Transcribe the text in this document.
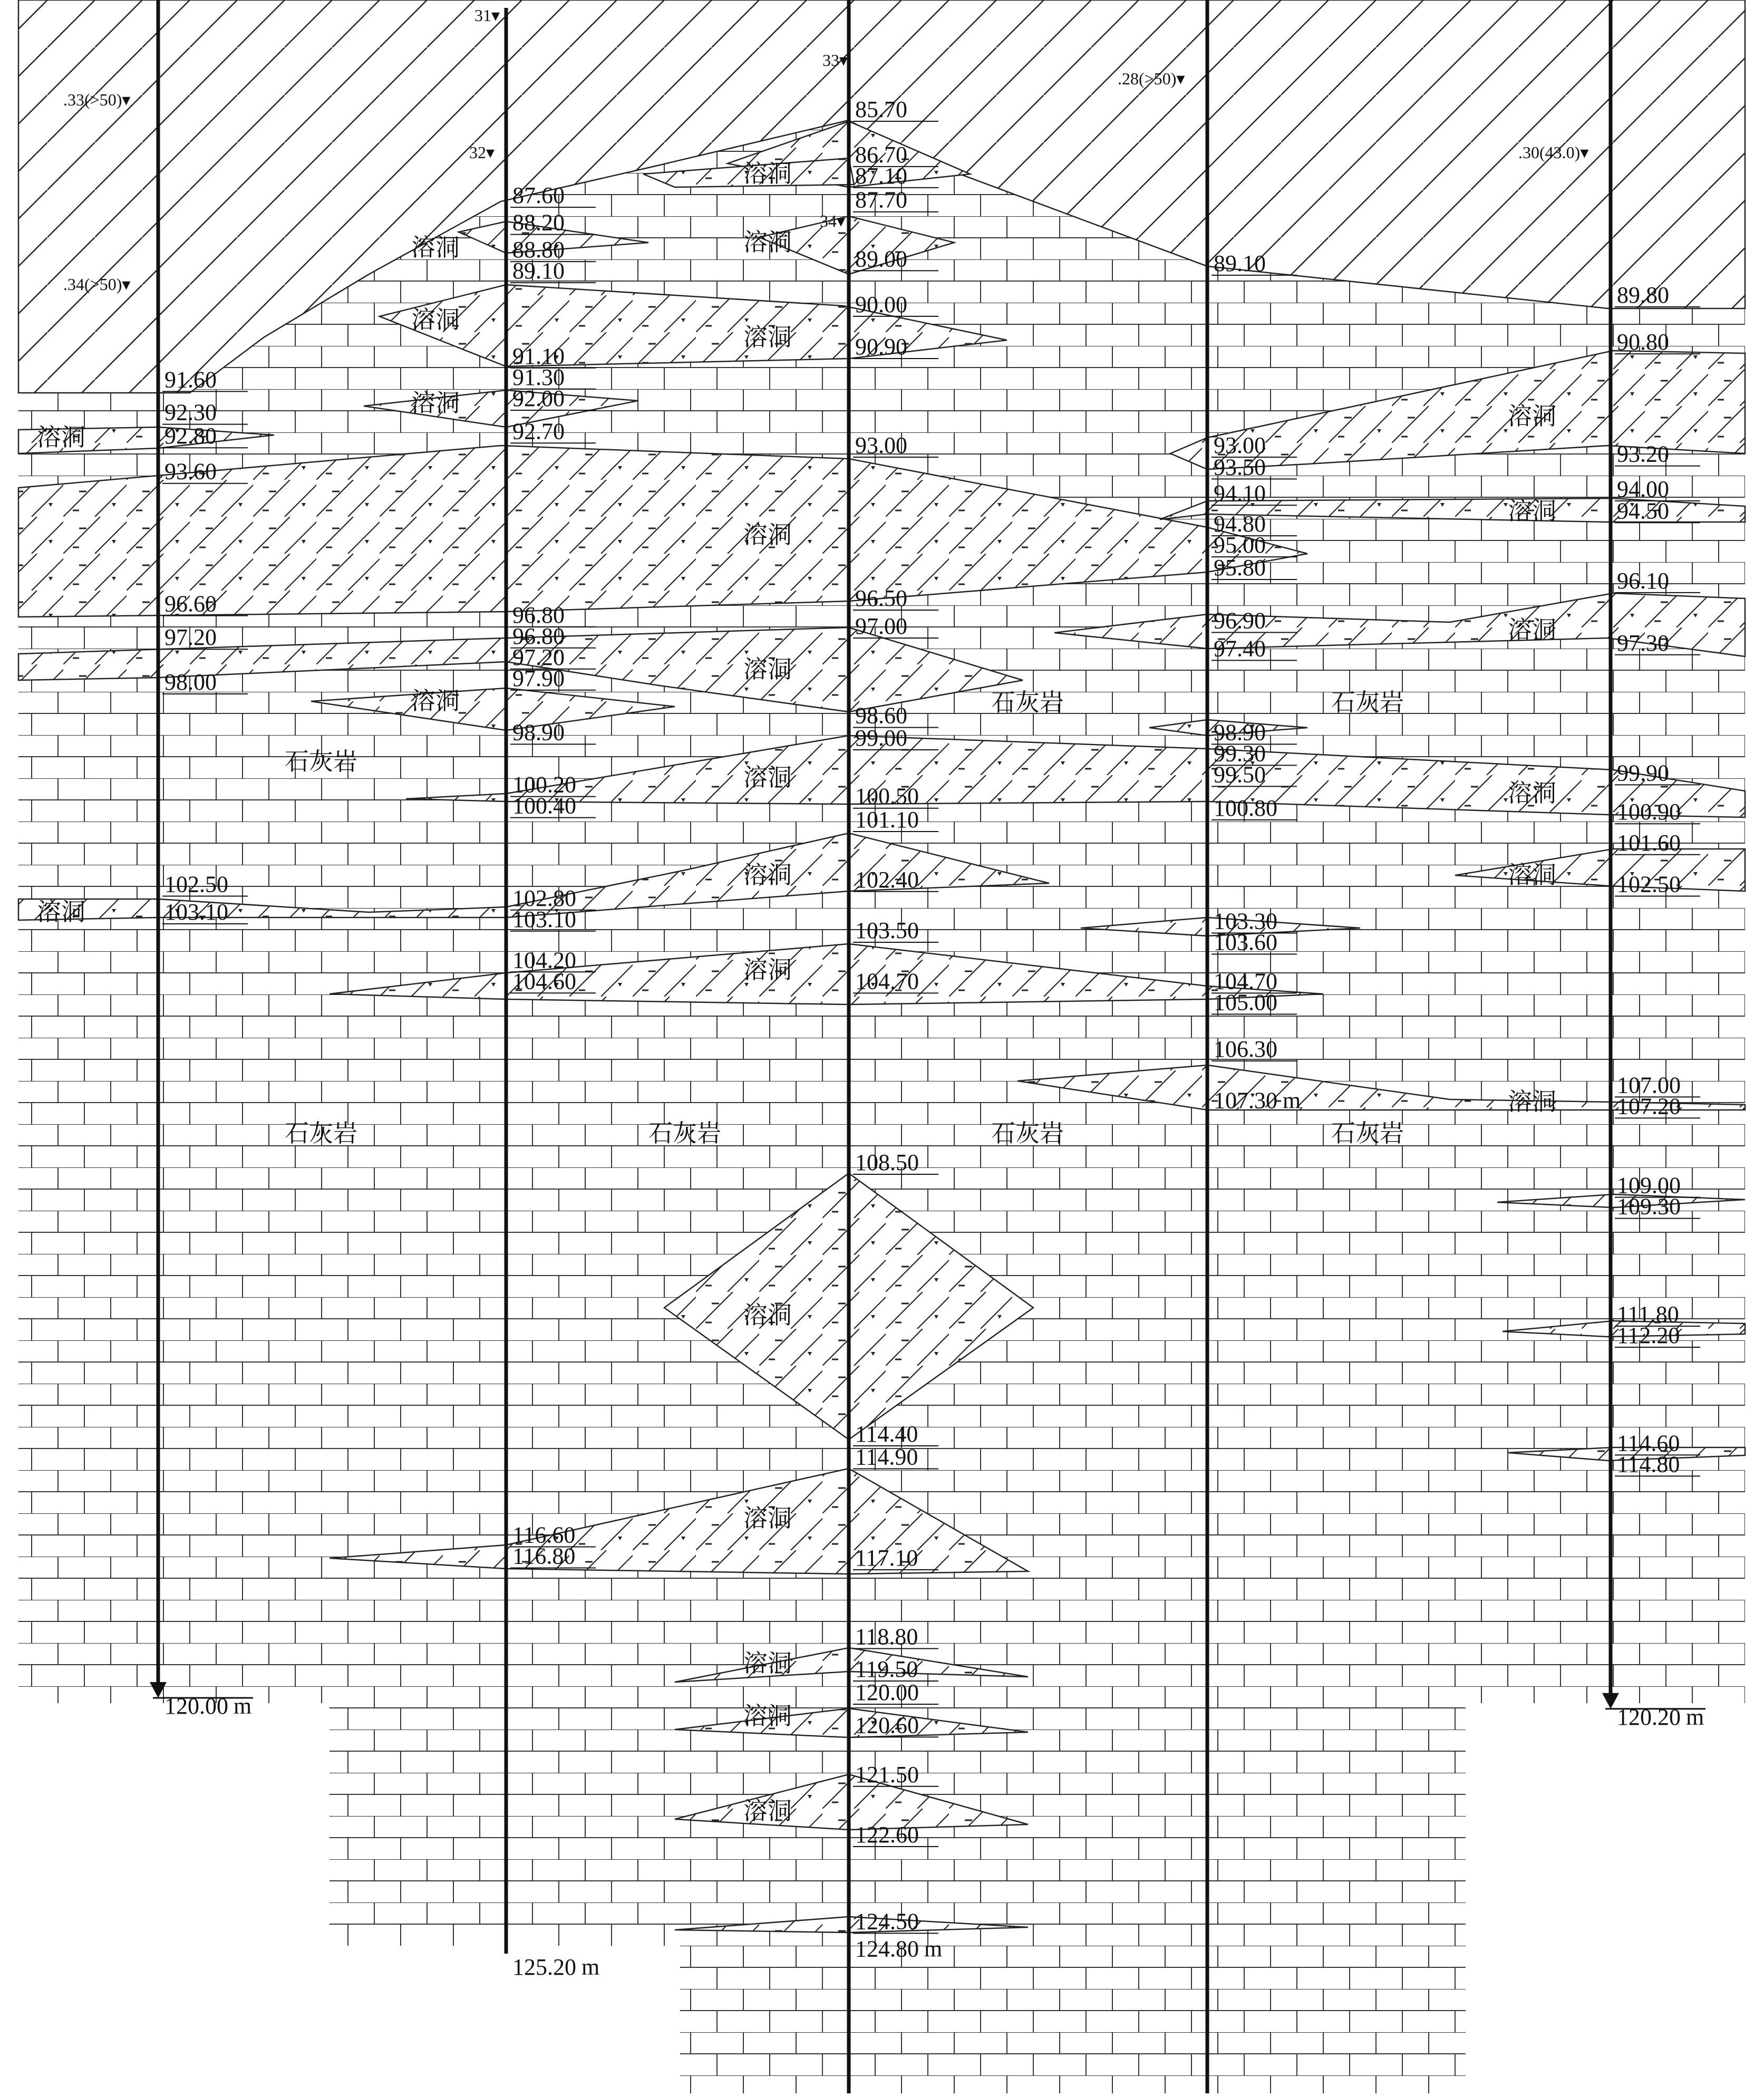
石灰岩
石灰岩
石灰岩
石灰岩	石灰岩	石灰岩	石灰岩
溶洞
溶洞
溶洞
溶洞
溶洞
溶洞
溶洞
溶洞
溶洞
溶洞
溶洞
溶洞
溶洞
溶洞
溶洞
溶洞	溶洞
溶洞
溶洞
溶洞
溶洞
溶洞
溶洞
溶洞
溶洞
91.60
92.30
92.80
93.60
96.60
97.20
98.00
102.50
103.10
.33(>50)▾
.34(>50)▾
120.00 m
87.60
88.20
88.80
89.10
91.10
91.30
92.00
92.70
96.80
96.80
97.20
97.90
98.90
100.20
100.40
102.80
103.10
104.20
104.60
116.60
116.80
31▾
32▾
125.20 m
85.70
86.70
87.10
87.70
89.00
90.00
90.90
93.00
96.50
97.00
98.60
99.00
100.50
101.10
102.40
103.50
104.70
108.50
114.40
114.90
117.10
118.80
119.50
120.00
120.60
121.50
122.60
124.50
33▾
34▾
124.80 m
89.10
93.00
93.50
94.10
94.80
95.00
95.80
96.90
97.40
98.90
99.30
99.50
100.80
103.30
103.60
104.70
105.00
106.30
.28(>50)▾
107.30 m
89.80
90.80
93.20
94.00
94.50
96.10
97.30
99.90
100.90
101.60
102.50
107.00
107.20
109.00
109.30
111.80
112.20
114.60
114.80
.30(43.0)▾
120.20 m
